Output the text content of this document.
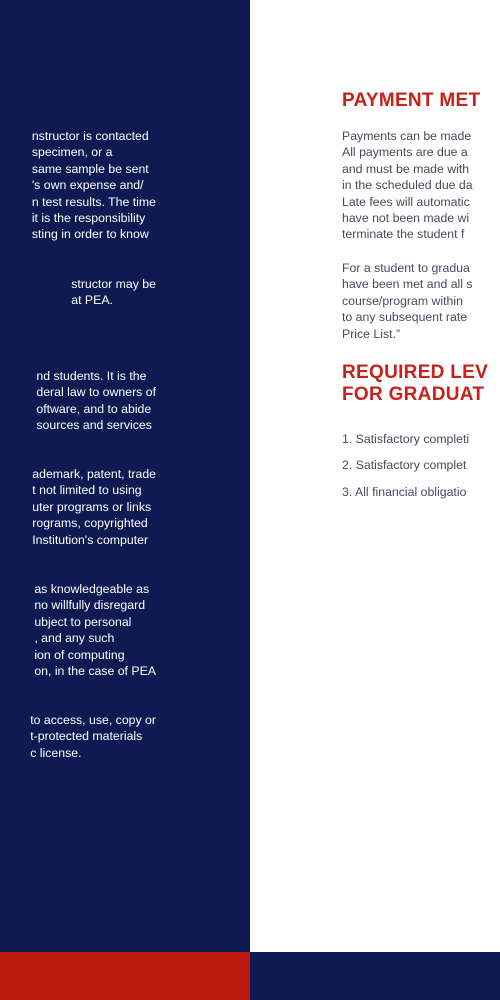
nstructor is contacted
specimen, or a
same sample be sent
's own expense and/
n test results. The time
it is the responsibility
sting in order to know

structor may be
at PEA.

nd students. It is the
deral law to owners of
oftware, and to abide
sources and services

ademark, patent, trade
t not limited to using
uter programs or links
rograms, copyrighted
Institution's computer

as knowledgeable as
no willfully disregard
ubject to personal
, and any such
ion of computing
on, in the case of PEA

to access, use, copy or
t-protected materials
c license.

PAYMENT MET

Payments can be made
All payments are due a
and must be made with
in the scheduled due da
Late fees will automatic
have not been made wi
terminate the student f

For a student to gradua
have been met and all s
course/program within
to any subsequent rate
Price List.”

REQUIRED LEV
FOR GRADUAT

1. Satisfactory completi

2. Satisfactory complet

3. All financial obligatio
